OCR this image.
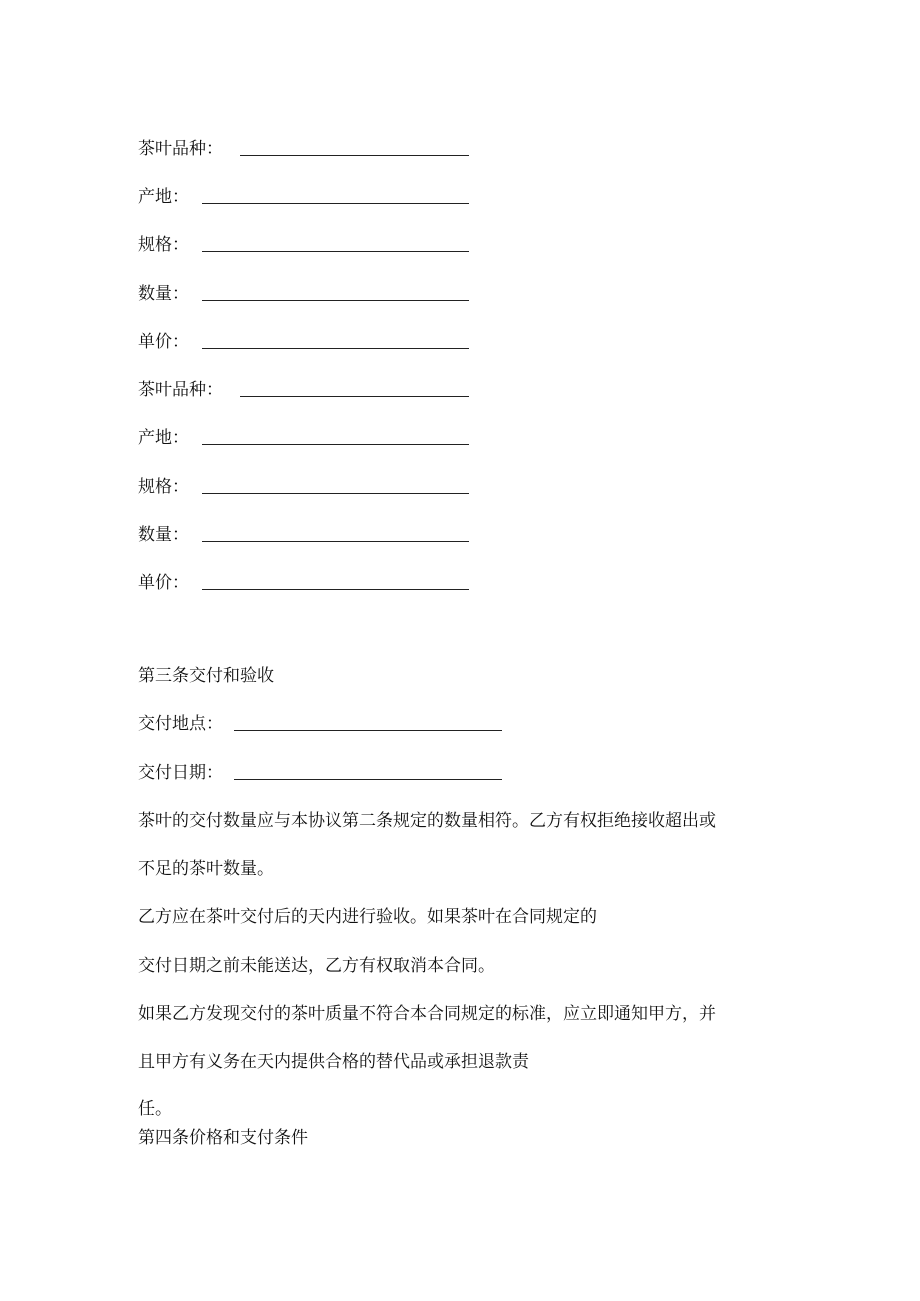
茶叶品种：
产地：
规格：
数量：
单价：
茶叶品种：
产地：
规格：
数量：
单价：
第三条交付和验收
交付地点：
交付日期：
茶叶的交付数量应与本协议第二条规定的数量相符。乙方有权拒绝接收超出或
不足的茶叶数量。
乙方应在茶叶交付后的天内进行验收。如果茶叶在合同规定的
交付日期之前未能送达，乙方有权取消本合同。
如果乙方发现交付的茶叶质量不符合本合同规定的标准，应立即通知甲方，并
且甲方有义务在天内提供合格的替代品或承担退款责
任。
第四条价格和支付条件
